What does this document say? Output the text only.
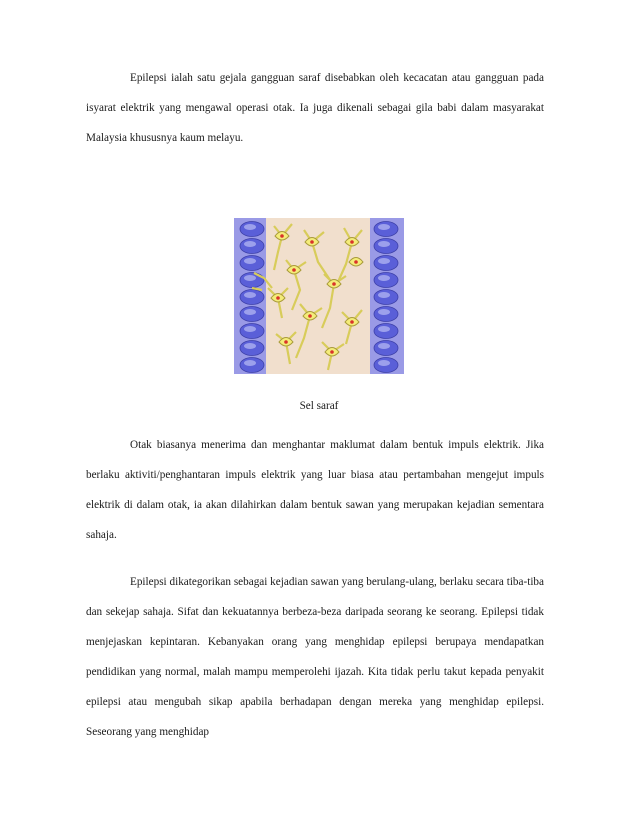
Epilepsi ialah satu gejala gangguan saraf disebabkan oleh kecacatan atau gangguan pada isyarat elektrik yang mengawal operasi otak. Ia juga dikenali sebagai gila babi dalam masyarakat Malaysia khususnya kaum melayu.

Sel saraf

Otak biasanya menerima dan menghantar maklumat dalam bentuk impuls elektrik. Jika berlaku aktiviti/penghantaran impuls elektrik yang luar biasa atau pertambahan mengejut impuls elektrik di dalam otak, ia akan dilahirkan dalam bentuk sawan yang merupakan kejadian sementara sahaja.

Epilepsi dikategorikan sebagai kejadian sawan yang berulang-ulang, berlaku secara tiba-tiba dan sekejap sahaja. Sifat dan kekuatannya berbeza-beza daripada seorang ke seorang. Epilepsi tidak menjejaskan kepintaran. Kebanyakan orang yang menghidap epilepsi berupaya mendapatkan pendidikan yang normal, malah mampu memperolehi ijazah. Kita tidak perlu takut kepada penyakit epilepsi atau mengubah sikap apabila berhadapan dengan mereka yang menghidap epilepsi. Seseorang yang menghidap
